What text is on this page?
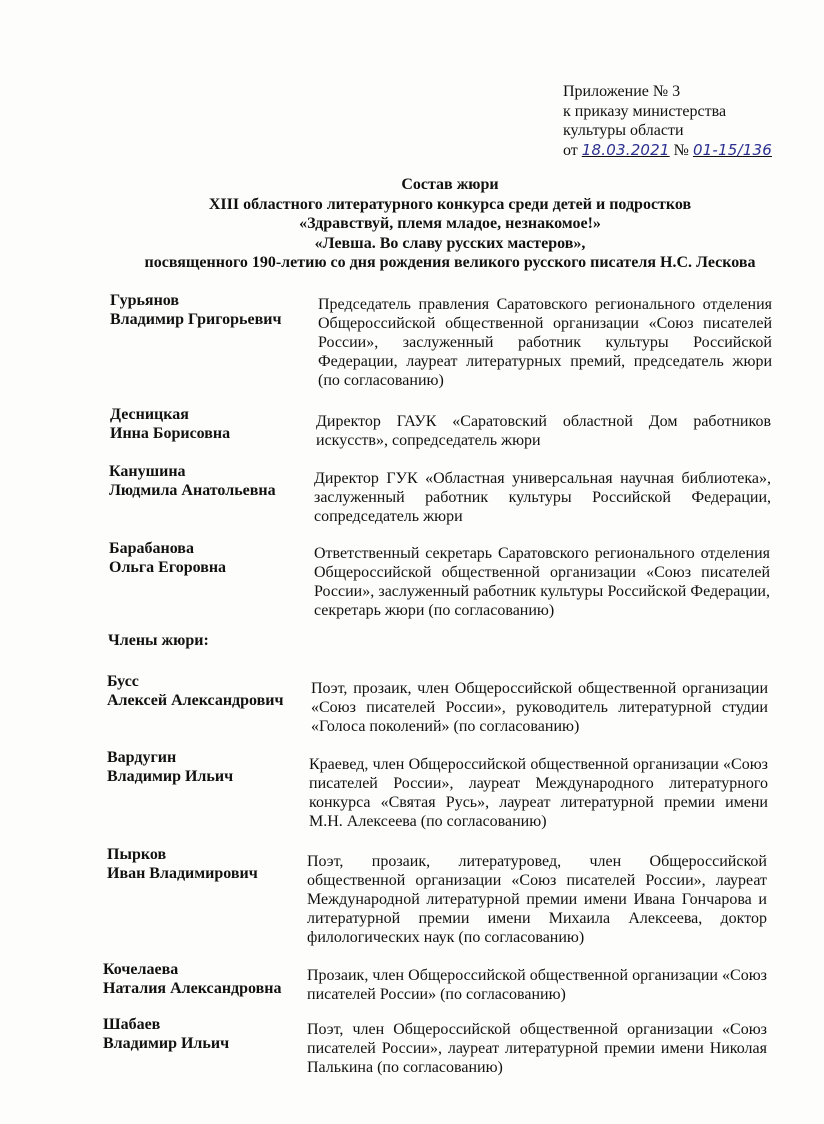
Приложение № 3
к приказу министерства
культуры области
от 18.03.2021 № 01-15/136
Состав жюри
XIII областного литературного конкурса среди детей и подростков
«Здравствуй, племя младое, незнакомое!»
«Левша. Во славу русских мастеров»,
посвященного 190-летию со дня рождения великого русского писателя Н.С. Лескова
Гурьянов
Владимир Григорьевич
Председатель правления Саратовского регионального отделения Общероссийской общественной организации «Союз писателей России», заслуженный работник культуры Российской Федерации, лауреат литературных премий, председатель жюри (по согласованию)
Десницкая
Инна Борисовна
Директор ГАУК «Саратовский областной Дом работников искусств», сопредседатель жюри
Канушина
Людмила Анатольевна
Директор ГУК «Областная универсальная научная библиотека», заслуженный работник культуры Российской Федерации, сопредседатель жюри
Барабанова
Ольга Егоровна
Ответственный секретарь Саратовского регионального отделения Общероссийской общественной организации «Союз писателей России», заслуженный работник культуры Российской Федерации, секретарь жюри (по согласованию)
Члены жюри:
Бусс
Алексей Александрович
Поэт, прозаик, член Общероссийской общественной организации «Союз писателей России», руководитель литературной студии «Голоса поколений» (по согласованию)
Вардугин
Владимир Ильич
Краевед, член Общероссийской общественной организации «Союз писателей России», лауреат Международного литературного конкурса «Святая Русь», лауреат литературной премии имени М.Н. Алексеева (по согласованию)
Пырков
Иван Владимирович
Поэт, прозаик, литературовед, член Общероссийской общественной организации «Союз писателей России», лауреат Международной литературной премии имени Ивана Гончарова и литературной премии имени Михаила Алексеева, доктор филологических наук (по согласованию)
Кочелаева
Наталия Александровна
Прозаик, член Общероссийской общественной организации «Союз писателей России» (по согласованию)
Шабаев
Владимир Ильич
Поэт, член Общероссийской общественной организации «Союз писателей России», лауреат литературной премии имени Николая Палькина (по согласованию)
